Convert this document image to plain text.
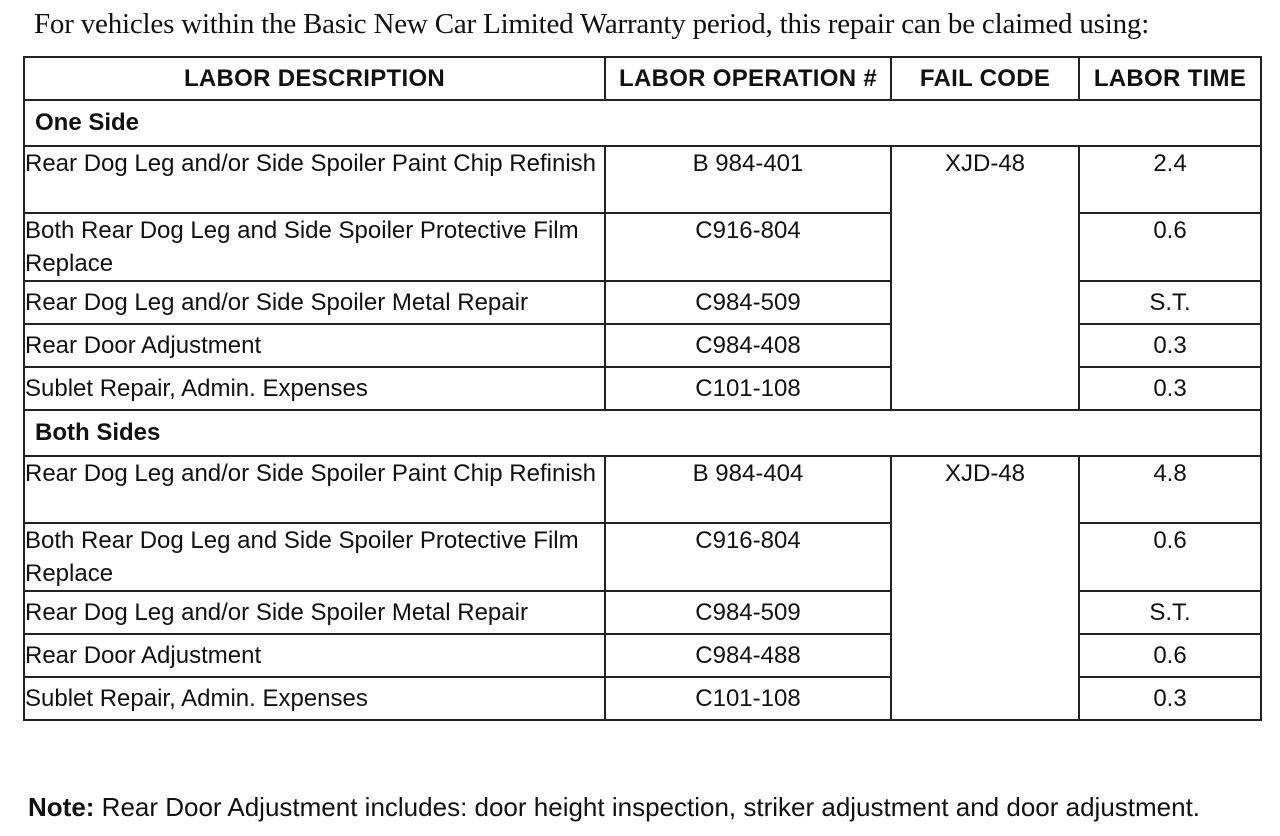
For vehicles within the Basic New Car Limited Warranty period, this repair can be claimed using:
LABOR DESCRIPTION	LABOR OPERATION #	FAIL CODE	LABOR TIME
One Side			
Rear Dog Leg and/or Side Spoiler Paint Chip Refinish	B 984-401	XJD-48	2.4
Both Rear Dog Leg and Side Spoiler Protective Film Replace	C916-804		0.6
Rear Dog Leg and/or Side Spoiler Metal Repair	C984-509		S.T.
Rear Door Adjustment	C984-408		0.3
Sublet Repair, Admin. Expenses	C101-108		0.3
Both Sides			
Rear Dog Leg and/or Side Spoiler Paint Chip Refinish	B 984-404	XJD-48	4.8
Both Rear Dog Leg and Side Spoiler Protective Film Replace	C916-804		0.6
Rear Dog Leg and/or Side Spoiler Metal Repair	C984-509		S.T.
Rear Door Adjustment	C984-488		0.6
Sublet Repair, Admin. Expenses	C101-108		0.3
Note: Rear Door Adjustment includes: door height inspection, striker adjustment and door adjustment.
